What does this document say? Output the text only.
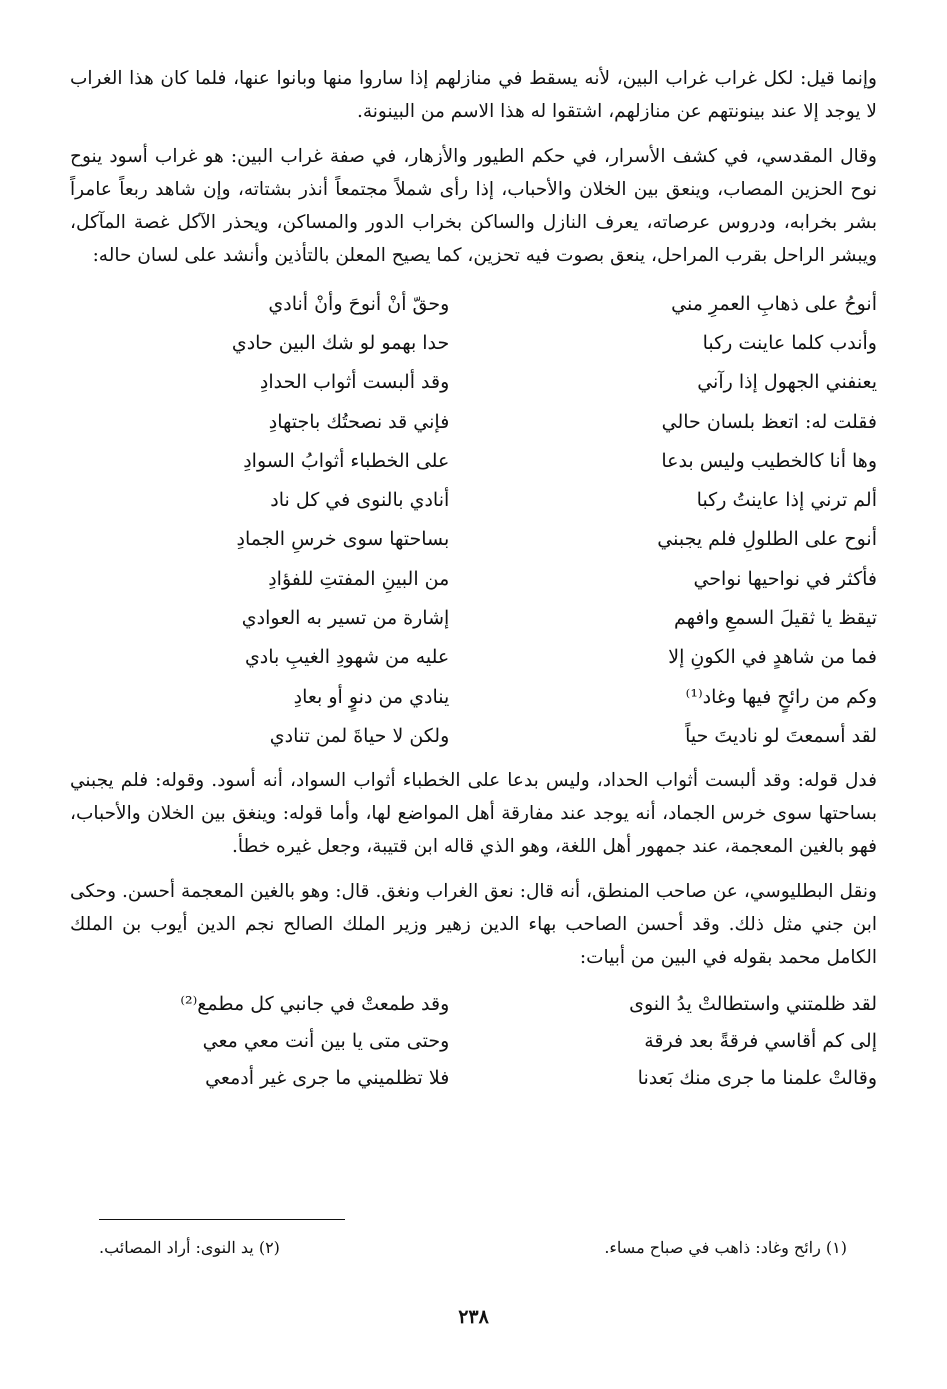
وإنما قيل: لكل غراب غراب البين، لأنه يسقط في منازلهم إذا ساروا منها وبانوا عنها، فلما كان هذا الغراب لا يوجد إلا عند بينونتهم عن منازلهم، اشتقوا له هذا الاسم من البينونة.

وقال المقدسي، في كشف الأسرار، في حكم الطيور والأزهار، في صفة غراب البين: هو غراب أسود ينوح نوح الحزين المصاب، وينعق بين الخلان والأحباب، إذا رأى شملاً مجتمعاً أنذر بشتاته، وإن شاهد ربعاً عامراً بشر بخرابه، ودروس عرصاته، يعرف النازل والساكن بخراب الدور والمساكن، ويحذر الآكل غصة المآكل، ويبشر الراحل بقرب المراحل، ينعق بصوت فيه تحزين، كما يصيح المعلن بالتأذين وأنشد على لسان حاله:

أنوحُ على ذهابِ العمرِ مني
وحقّ أنْ أنوحَ وأنْ أنادي
وأندب كلما عاينت ركبا
حدا بهمو لو شك البين حادي
يعنفني الجهول إذا رآني
وقد ألبست أثواب الحدادِ
فقلت له: اتعظ بلسان حالي
فإني قد نصحتُك باجتهادِ
وها أنا كالخطيب وليس بدعا
على الخطباء أثوابُ السوادِ
ألم ترني إذا عاينتُ ركبا
أنادي بالنوى في كل ناد
أنوح على الطلولِ فلم يجبني
بساحتها سوى خرسِ الجمادِ
فأكثر في نواحيها نواحي
من البينِ المفتتِ للفؤادِ
تيقظ يا ثقيلَ السمعِ وافهم
إشارة من تسير به العوادي
فما من شاهدٍ في الكونِ إلا
عليه من شهودِ الغيبِ بادي
وكم من رائحٍ فيها وغاد⁽¹⁾
ينادي من دنوٍ أو بعادِ
لقد أسمعتَ لو ناديتَ حياً
ولكن لا حياةَ لمن تنادي

فدل قوله: وقد ألبست أثواب الحداد، وليس بدعا على الخطباء أثواب السواد، أنه أسود. وقوله: فلم يجبني بساحتها سوى خرس الجماد، أنه يوجد عند مفارقة أهل المواضع لها، وأما قوله: وينغق بين الخلان والأحباب، فهو بالغين المعجمة، عند جمهور أهل اللغة، وهو الذي قاله ابن قتيبة، وجعل غيره خطأ.

ونقل البطليوسي، عن صاحب المنطق، أنه قال: نعق الغراب ونغق. قال: وهو بالغين المعجمة أحسن. وحكى ابن جني مثل ذلك. وقد أحسن الصاحب بهاء الدين زهير وزير الملك الصالح نجم الدين أيوب بن الملك الكامل محمد بقوله في البين من أبيات:

لقد ظلمتني واستطالتْ يدُ النوى
وقد طمعتْ في جانبي كل مطمع⁽²⁾
إلى كم أقاسي فرقةً بعد فرقة
وحتى متى يا بين أنت معي معي
وقالتْ علمنا ما جرى منك بَعدنا
فلا تظلميني ما جرى غير أدمعي
(١) رائح وغاد: ذاهب في صباح مساء.
(٢) يد النوى: أراد المصائب.
٢٣٨
